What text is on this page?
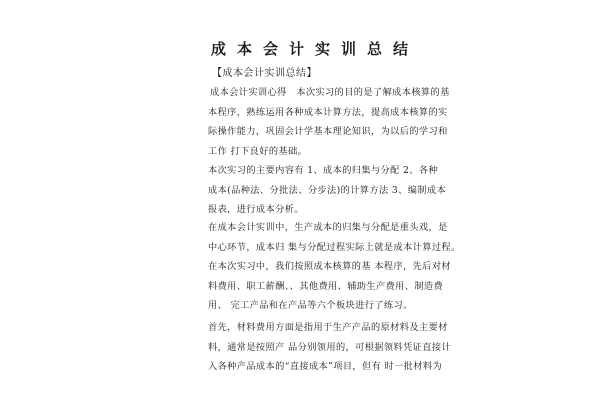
成本会计实训总结
【成本会计实训总结】

成本会计实训心得　本次实习的目的是了解成本核算的基
本程序，熟练运用各种成本计算方法，提高成本核算的实
际操作能力，巩固会计学基本理论知识，为以后的学习和
工作 打下良好的基础。

本次实习的主要内容有 1、成本的归集与分配 2、各种
成本(品种法、分批法、分步法)的计算方法 3、编制成本
报表，进行成本分析。

在成本会计实训中，生产成本的归集与分配是重头戏，是
中心环节，成本归 集与分配过程实际上就是成本计算过程。
在本次实习中，我们按照成本核算的基 本程序，先后对材
料费用、职工薪酬、、其他费用、辅助生产费用、制造费
用、 完工产品和在产品等六个板块进行了练习。

首先，材料费用方面是指用于生产产品的原材料及主要材
料，通常是按照产 品分别领用的，可根据领料凭证直接计
入各种产品成本的“直接成本”项目，但有 时一批材料为
